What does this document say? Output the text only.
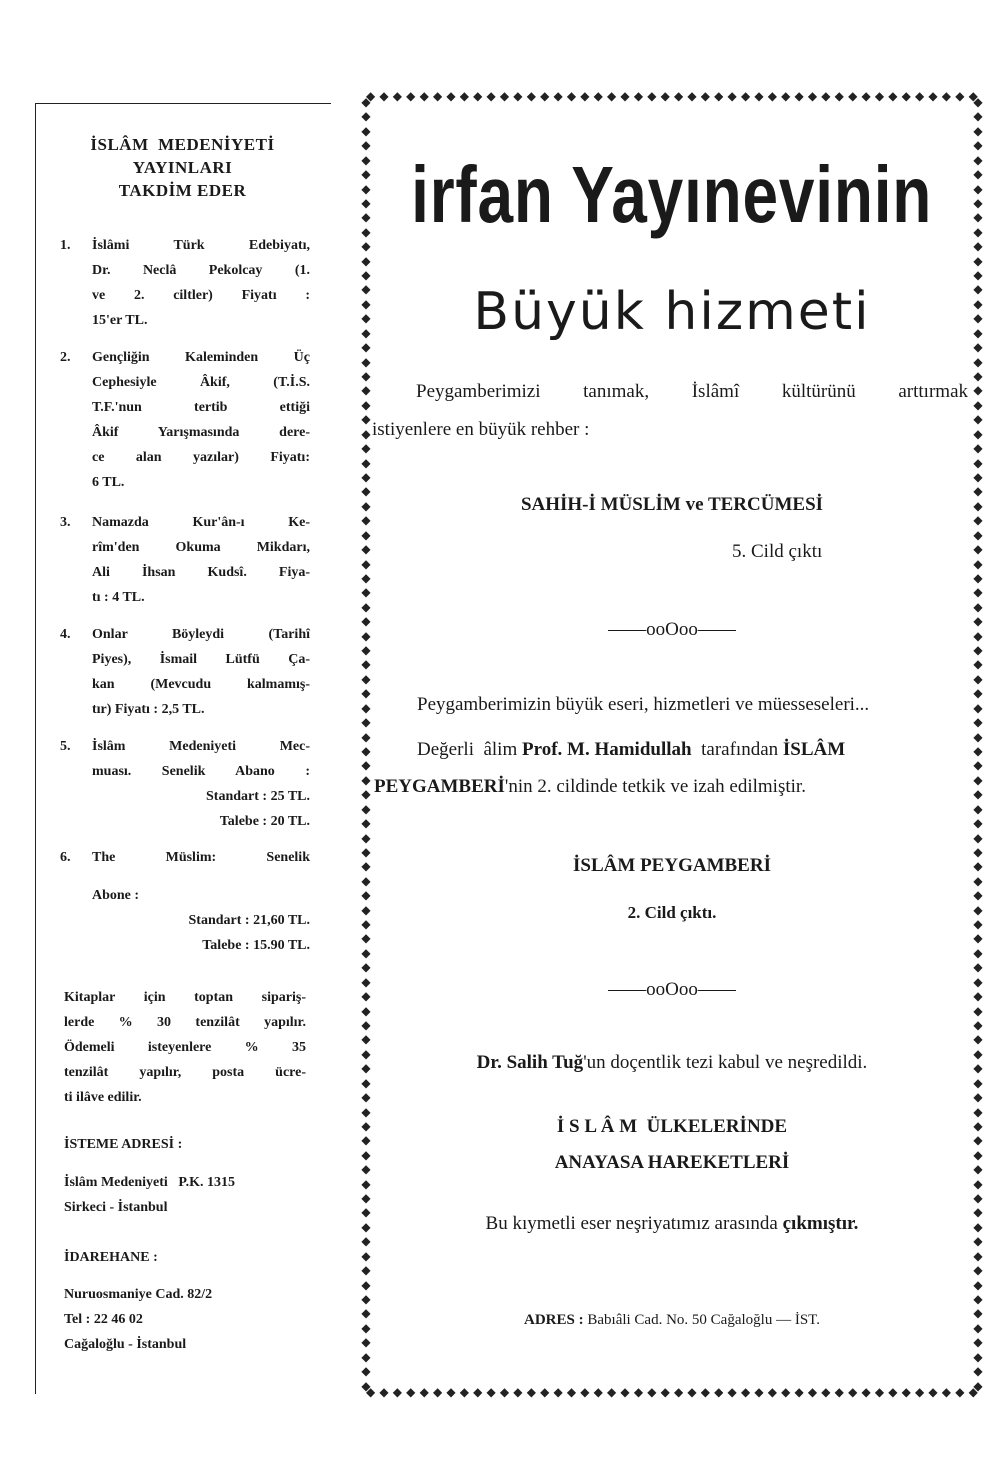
İSLÂM  MEDENİYETİ
YAYINLARI
TAKDİM EDER
1. İslâmi Türk Edebiyatı,
Dr. Neclâ Pekolcay (1.
ve 2. ciltler) Fiyatı :
15'er TL.
2. Gençliğin Kaleminden Üç
Cephesiyle Âkif, (T.İ.S.
T.F.'nun tertib ettiği
Âkif Yarışmasında dere-
ce alan yazılar) Fiyatı:
6 TL.
3. Namazda Kur'ân-ı Ke-
rîm'den Okuma Mikdarı,
Ali İhsan Kudsî. Fiya-
tı : 4 TL.
4. Onlar Böyleydi (Tarihî
Piyes), İsmail Lütfü Ça-
kan (Mevcudu kalmamış-
tır) Fiyatı : 2,5 TL.
5. İslâm Medeniyeti Mec-
muası. Senelik Abano :
Standart : 25 TL.
Talebe : 20 TL.
6. The Müslim: Senelik
Abone :
Standart : 21,60 TL.
Talebe : 15.90 TL.
Kitaplar için toptan sipariş-
lerde % 30 tenzilât yapılır.
Ödemeli isteyenlere % 35
tenzilât yapılır, posta ücre-
ti ilâve edilir.
İSTEME ADRESİ :
İslâm Medeniyeti   P.K. 1315
Sirkeci - İstanbul
İDAREHANE :
Nuruosmaniye Cad. 82/2
Tel : 22 46 02
Cağaloğlu - İstanbul
◆ ◆ ◆ ◆ ◆ ◆ ◆ ◆ ◆ ◆ ◆ ◆ ◆ ◆ ◆ ◆ ◆ ◆ ◆ ◆ ◆ ◆ ◆ ◆ ◆ ◆ ◆ ◆ ◆ ◆ ◆ ◆ ◆ ◆ ◆ ◆ ◆ ◆ ◆ ◆ ◆ ◆ ◆ ◆ ◆ ◆
◆ ◆ ◆ ◆ ◆ ◆ ◆ ◆ ◆ ◆ ◆ ◆ ◆ ◆ ◆ ◆ ◆ ◆ ◆ ◆ ◆ ◆ ◆ ◆ ◆ ◆ ◆ ◆ ◆ ◆ ◆ ◆ ◆ ◆ ◆ ◆ ◆ ◆ ◆ ◆ ◆ ◆ ◆ ◆ ◆ ◆
◆
◆
◆
◆
◆
◆
◆
◆
◆
◆
◆
◆
◆
◆
◆
◆
◆
◆
◆
◆
◆
◆
◆
◆
◆
◆
◆
◆
◆
◆
◆
◆
◆
◆
◆
◆
◆
◆
◆
◆
◆
◆
◆
◆
◆
◆
◆
◆
◆
◆
◆
◆
◆
◆
◆
◆
◆
◆
◆
◆
◆
◆
◆
◆
◆
◆
◆
◆
◆
◆
◆
◆
◆
◆
◆
◆
◆
◆
◆
◆
◆
◆
◆
◆
◆
◆
◆
◆
◆
◆
◆
◆
◆
◆
◆
◆
◆
◆
◆
◆
◆
◆
◆
◆
◆
◆
◆
◆
◆
◆
◆
◆
◆
◆
◆
◆
◆
◆
◆
◆
◆
◆
◆
◆
◆
◆
◆
◆
◆
◆
◆
◆
◆
◆
◆
◆
◆
◆
◆
◆
◆
◆
◆
◆
◆
◆
◆
◆
◆
◆
◆
◆
◆
◆
◆
◆
◆
◆
◆
◆
◆
◆
◆
◆
◆
◆
◆
◆
◆
◆
◆
◆
◆
◆
◆
◆
◆
◆
◆
◆
irfan Yayınevinin
Büyük hizmeti
Peygamberimizi tanımak, İslâmî kültürünü arttırmak
istiyenlere en büyük rehber :
SAHİH-İ MÜSLİM ve TERCÜMESİ
5. Cild çıktı
——ooOoo——
Peygamberimizin büyük eseri, hizmetleri ve müesseseleri...
Değerli  âlim Prof. M. Hamidullah  tarafından İSLÂM
PEYGAMBERİ'nin 2. cildinde tetkik ve izah edilmiştir.
İSLÂM PEYGAMBERİ
2. Cild çıktı.
——ooOoo——
Dr. Salih Tuğ'un doçentlik tezi kabul ve neşredildi.
İ S L Â M  ÜLKELERİNDE
ANAYASA HAREKETLERİ
Bu kıymetli eser neşriyatımız arasında çıkmıştır.
ADRES : Babıâli Cad. No. 50 Cağaloğlu — İST.
